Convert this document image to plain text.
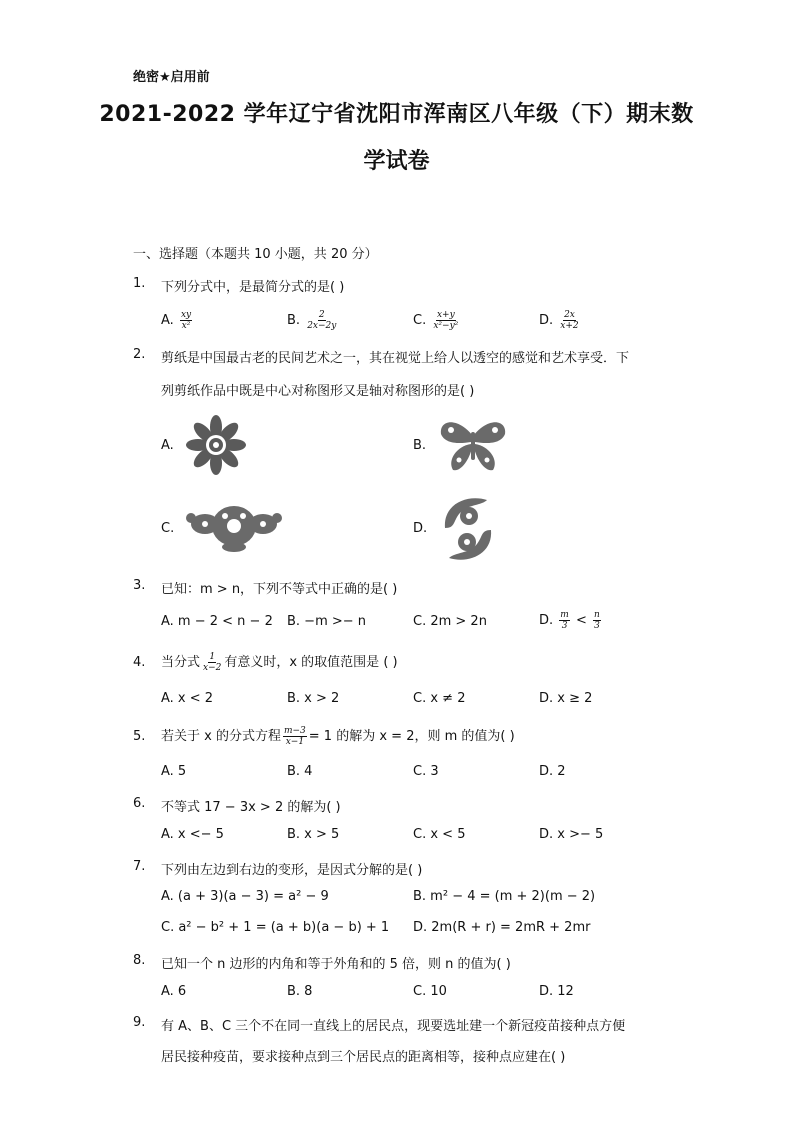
绝密★启用前
2021-2022 学年辽宁省沈阳市浑南区八年级（下）期末数
学试卷
一、选择题（本题共 10 小题，共 20 分）
1. 下列分式中，是最简分式的是( )
A. $\frac{xy}{\text{x²}}$	B. $\frac{2}{2x-2y}$	C. $\frac{x+y}{\text{x²−y²}}$	D. $\frac{2x}{x+2}$
2. 剪纸是中国最古老的民间艺术之一，其在视觉上给人以透空的感觉和艺术享受．下
列剪纸作品中既是中心对称图形又是轴对称图形的是( )
A.	B.
C.	D.
3. 已知：m > n，下列不等式中正确的是( )
A. m − 2 < n − 2 B. −m >− n	C. 2m > 2n	D. $\frac{m}{3} < \frac{n}{3}$
4. 当分式 $\frac{1}{x-2}$ 有意义时，x 的取值范围是 ( )
A. x < 2	B. x > 2	C. x ≠ 2	D. x ≥ 2
5. 若关于 x 的分式方程 $\frac{m-3}{x-1} = 1$ 的解为 x = 2，则 m 的值为( )
A. 5	B. 4	C. 3	D. 2
6. 不等式 17 − 3x > 2 的解为( )
A. x <− 5	B. x > 5	C. x < 5	D. x >− 5
7. 下列由左边到右边的变形，是因式分解的是( )
A. (a + 3)(a − 3) = a² − 9	B. m² − 4 = (m + 2)(m − 2)
C. a² − b² + 1 = (a + b)(a − b) + 1 D. 2m(R + r) = 2mR + 2mr
8. 已知一个 n 边形的内角和等于外角和的 5 倍，则 n 的值为( )
A. 6	B. 8	C. 10	D. 12
9. 有 A、B、C 三个不在同一直线上的居民点，现要选址建一个新冠疫苗接种点方便
居民接种疫苗，要求接种点到三个居民点的距离相等，接种点应建在( )
